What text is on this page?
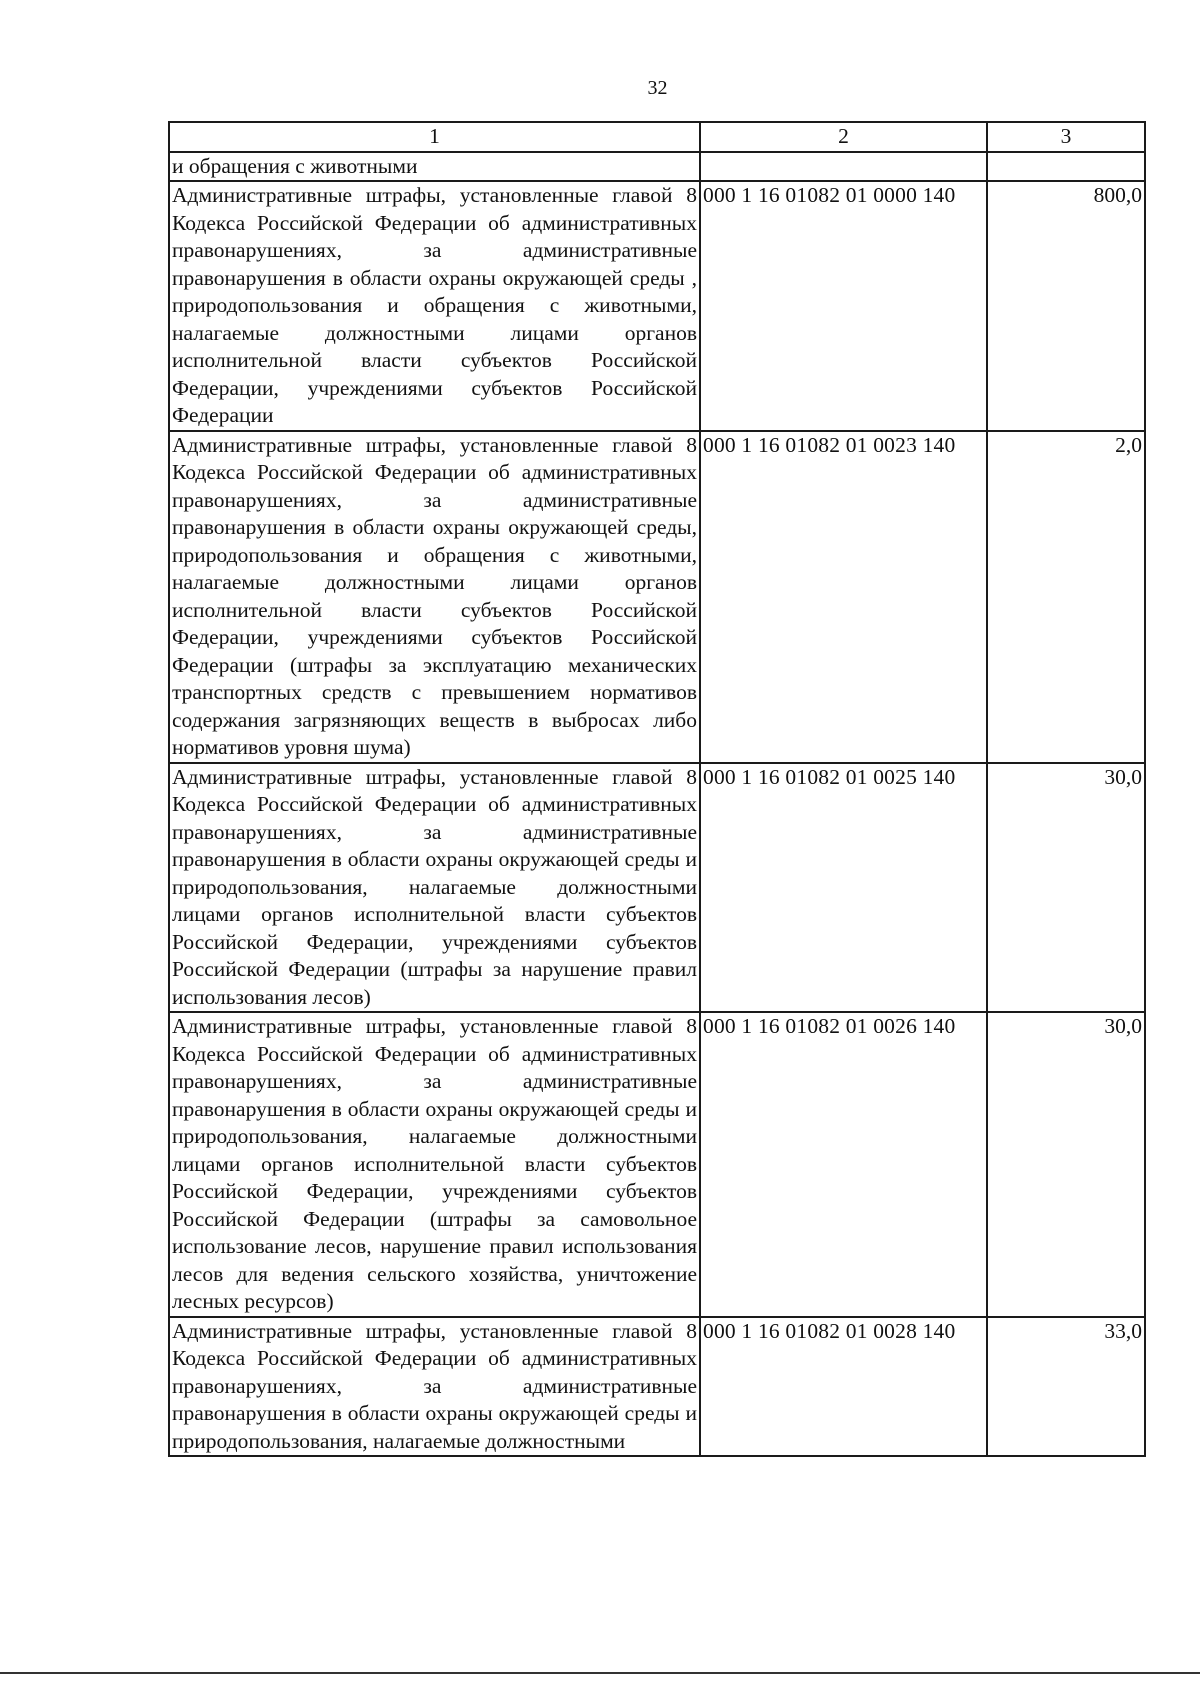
32
1	2	3
и обращения с животными		
Административные штрафы, установленные главой 8 Кодекса Российской Федерации об административных правонарушениях, за административные правонарушения в области охраны окружающей среды , природопользования и обращения с животными, налагаемые должностными лицами органов исполнительной власти субъектов Российской Федерации, учреждениями субъектов Российской Федерации	000 1 16 01082 01 0000 140	800,0
Административные штрафы, установленные главой 8 Кодекса Российской Федерации об административных правонарушениях, за административные правонарушения в области охраны окружающей среды, природопользования и обращения с животными, налагаемые должностными лицами органов исполнительной власти субъектов Российской Федерации, учреждениями субъектов Российской Федерации (штрафы за эксплуатацию механических транспортных средств с превышением нормативов содержания загрязняющих веществ в выбросах либо нормативов уровня шума)	000 1 16 01082 01 0023 140	2,0
Административные штрафы, установленные главой 8 Кодекса Российской Федерации об административных правонарушениях, за административные правонарушения в области охраны окружающей среды и природопользования, налагаемые должностными лицами органов исполнительной власти субъектов Российской Федерации, учреждениями субъектов Российской Федерации (штрафы за нарушение правил использования лесов)	000 1 16 01082 01 0025 140	30,0
Административные штрафы, установленные главой 8 Кодекса Российской Федерации об административных правонарушениях, за административные правонарушения в области охраны окружающей среды и природопользования, налагаемые должностными лицами органов исполнительной власти субъектов Российской Федерации, учреждениями субъектов Российской Федерации (штрафы за самовольное использование лесов, нарушение правил использования лесов для ведения сельского хозяйства, уничтожение лесных ресурсов)	000 1 16 01082 01 0026 140	30,0
Административные штрафы, установленные главой 8 Кодекса Российской Федерации об административных правонарушениях, за административные правонарушения в области охраны окружающей среды и природопользования, налагаемые должностными	000 1 16 01082 01 0028 140	33,0
